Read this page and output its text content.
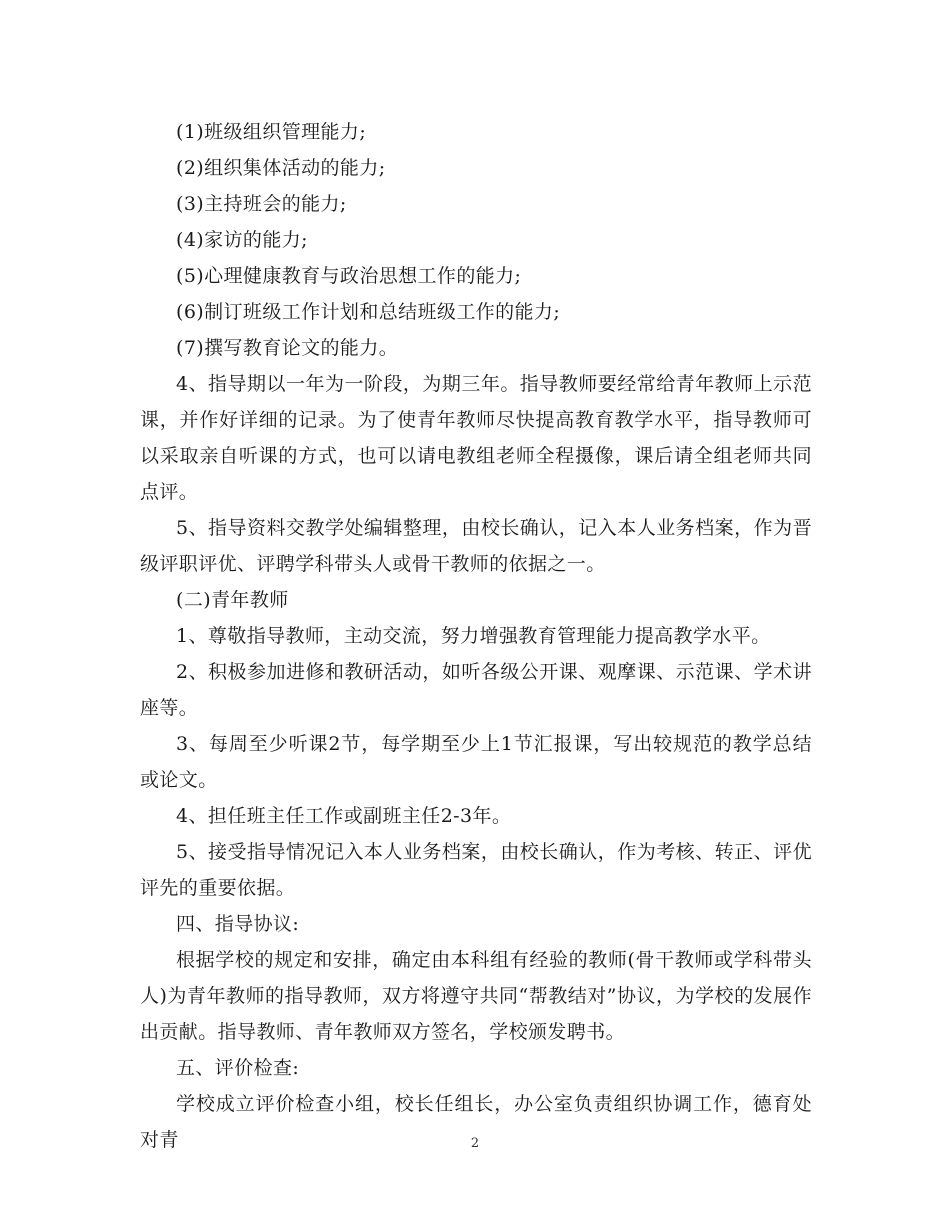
(1)班级组织管理能力;

(2)组织集体活动的能力;

(3)主持班会的能力;

(4)家访的能力;

(5)心理健康教育与政治思想工作的能力;

(6)制订班级工作计划和总结班级工作的能力;

(7)撰写教育论文的能力。

4、指导期以一年为一阶段，为期三年。指导教师要经常给青年教师上示范课，并作好详细的记录。为了使青年教师尽快提高教育教学水平，指导教师可以采取亲自听课的方式，也可以请电教组老师全程摄像，课后请全组老师共同点评。

5、指导资料交教学处编辑整理，由校长确认，记入本人业务档案，作为晋级评职评优、评聘学科带头人或骨干教师的依据之一。

(二)青年教师

1、尊敬指导教师，主动交流，努力增强教育管理能力提高教学水平。

2、积极参加进修和教研活动，如听各级公开课、观摩课、示范课、学术讲座等。

3、每周至少听课2节，每学期至少上1节汇报课，写出较规范的教学总结或论文。

4、担任班主任工作或副班主任2-3年。

5、接受指导情况记入本人业务档案，由校长确认，作为考核、转正、评优评先的重要依据。

四、指导协议:

根据学校的规定和安排，确定由本科组有经验的教师(骨干教师或学科带头人)为青年教师的指导教师，双方将遵守共同“帮教结对”协议，为学校的发展作出贡献。指导教师、青年教师双方签名，学校颁发聘书。

五、评价检查:

学校成立评价检查小组，校长任组长，办公室负责组织协调工作，德育处对青	2
